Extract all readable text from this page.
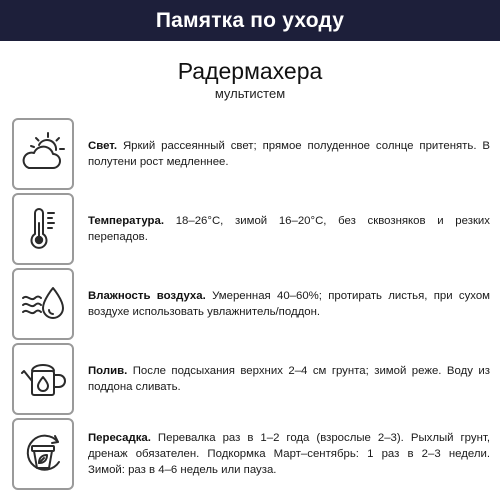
Памятка по уходу
Радермахера
мультистем

Свет. Яркий рассеянный свет; прямое полуденное солнце притенять. В полутени рост медленнее.

Температура. 18–26°C, зимой 16–20°C, без сквозняков и резких перепадов.

Влажность воздуха. Умеренная 40–60%; протирать листья, при сухом воздухе использовать увлажнитель/поддон.

Полив. После подсыхания верхних 2–4 см грунта; зимой реже. Воду из поддона сливать.

Пересадка. Перевалка раз в 1–2 года (взрослые 2–3). Рыхлый грунт, дренаж обязателен. Подкормка Март–сентябрь: 1 раз в 2–3 недели. Зимой: раз в 4–6 недель или пауза.
